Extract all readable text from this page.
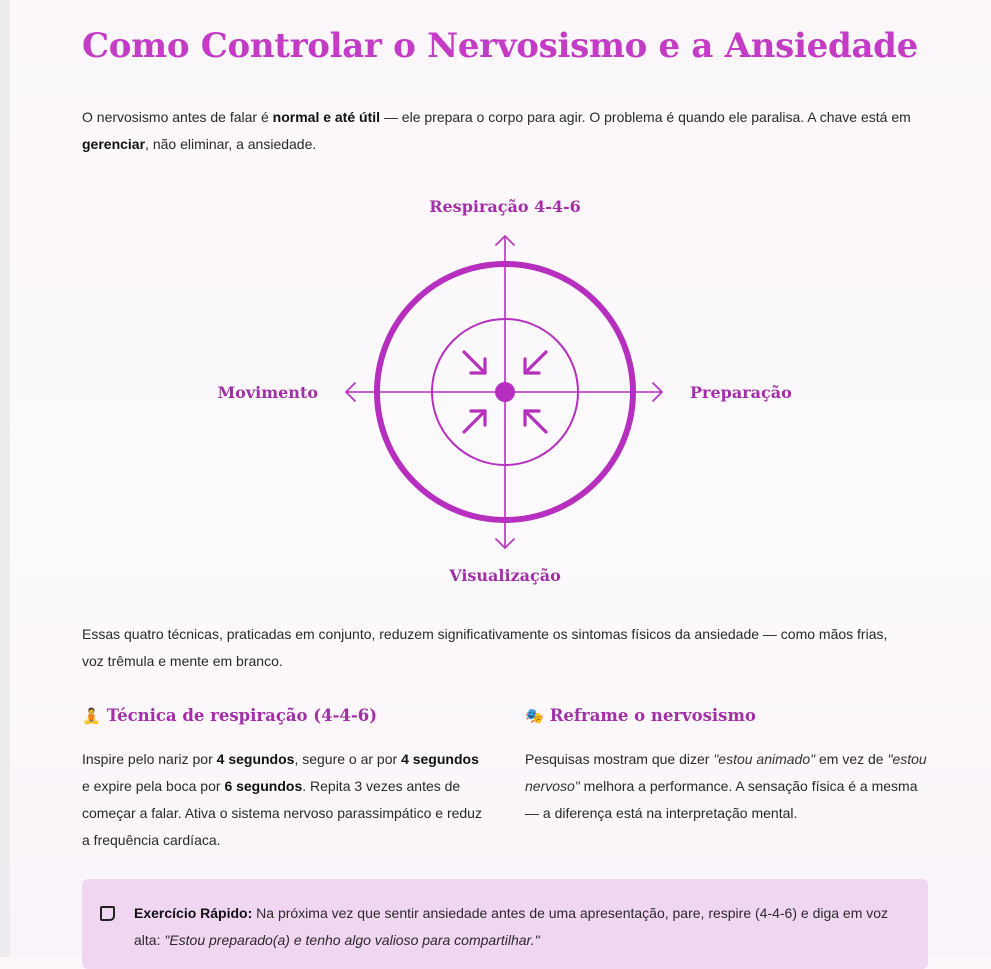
Como Controlar o Nervosismo e a Ansiedade

O nervosismo antes de falar é normal e até útil — ele prepara o corpo para agir. O problema é quando ele paralisa. A chave está em gerenciar, não eliminar, a ansiedade.

Respiração 4-4-6
Movimento	Preparação
Visualização

Essas quatro técnicas, praticadas em conjunto, reduzem significativamente os sintomas físicos da ansiedade — como mãos frias, voz trêmula e mente em branco.

🧘 Técnica de respiração (4-4-6)

Inspire pelo nariz por 4 segundos, segure o ar por 4 segundos e expire pela boca por 6 segundos. Repita 3 vezes antes de começar a falar. Ativa o sistema nervoso parassimpático e reduz a frequência cardíaca.

🎭 Reframe o nervosismo

Pesquisas mostram que dizer "estou animado" em vez de "estou nervoso" melhora a performance. A sensação física é a mesma — a diferença está na interpretação mental.

Exercício Rápido: Na próxima vez que sentir ansiedade antes de uma apresentação, pare, respire (4-4-6) e diga em voz alta: "Estou preparado(a) e tenho algo valioso para compartilhar."
